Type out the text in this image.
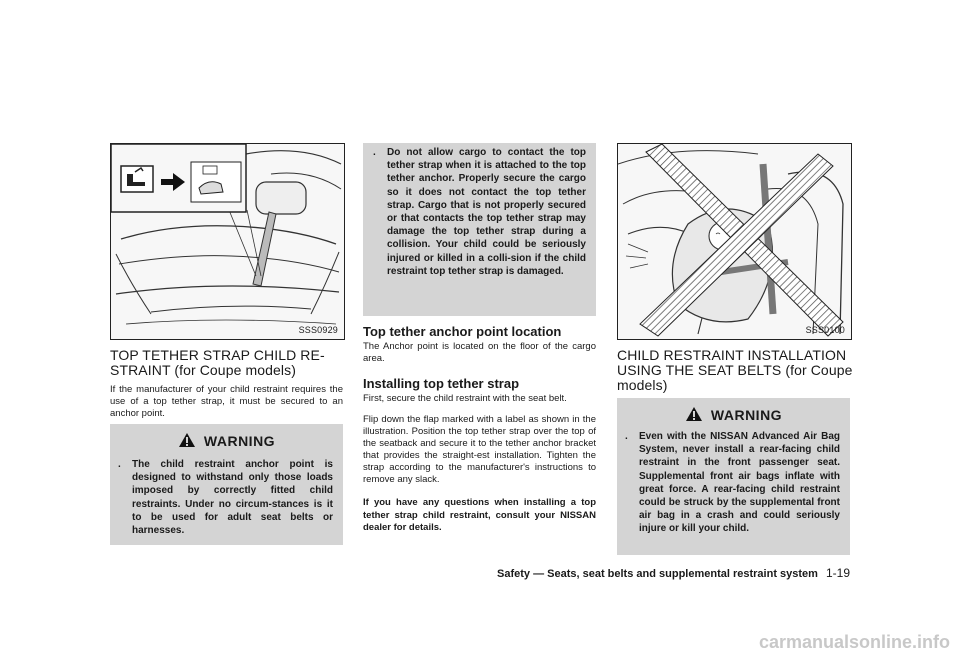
SSS0929
TOP TETHER STRAP CHILD RE-
STRAINT (for Coupe models)

If the manufacturer of your child restraint requires the use of a top tether strap, it must be secured to an anchor point.

WARNING
.	The child restraint anchor point is designed to withstand only those loads imposed by correctly fitted child restraints. Under no circum-stances is it to be used for adult seat belts or harnesses.
.	Do not allow cargo to contact the top tether strap when it is attached to the top tether anchor. Properly secure the cargo so it does not contact the top tether strap. Cargo that is not properly secured or that contacts the top tether strap may damage the top tether strap during a collision. Your child could be seriously injured or killed in a colli-sion if the child restraint top tether strap is damaged.
Top tether anchor point location

The Anchor point is located on the floor of the cargo area.

Installing top tether strap

First, secure the child restraint with the seat belt.

Flip down the flap marked with a label as shown in the illustration. Position the top tether strap over the top of the seatback and secure it to the tether anchor bracket that provides the straight-est installation. Tighten the strap according to the manufacturer's instructions to remove any slack.

If you have any questions when installing a top tether strap child restraint, consult your NISSAN dealer for details.

SSS0100
CHILD RESTRAINT INSTALLATION
USING THE SEAT BELTS (for Coupe
models)
WARNING
.	Even with the NISSAN Advanced Air Bag System, never install a rear-facing child restraint in the front passenger seat. Supplemental front air bags inflate with great force. A rear-facing child restraint could be struck by the supplemental front air bag in a crash and could seriously injure or kill your child.
Safety — Seats, seat belts and supplemental restraint system 1-19
carmanualsonline.info
